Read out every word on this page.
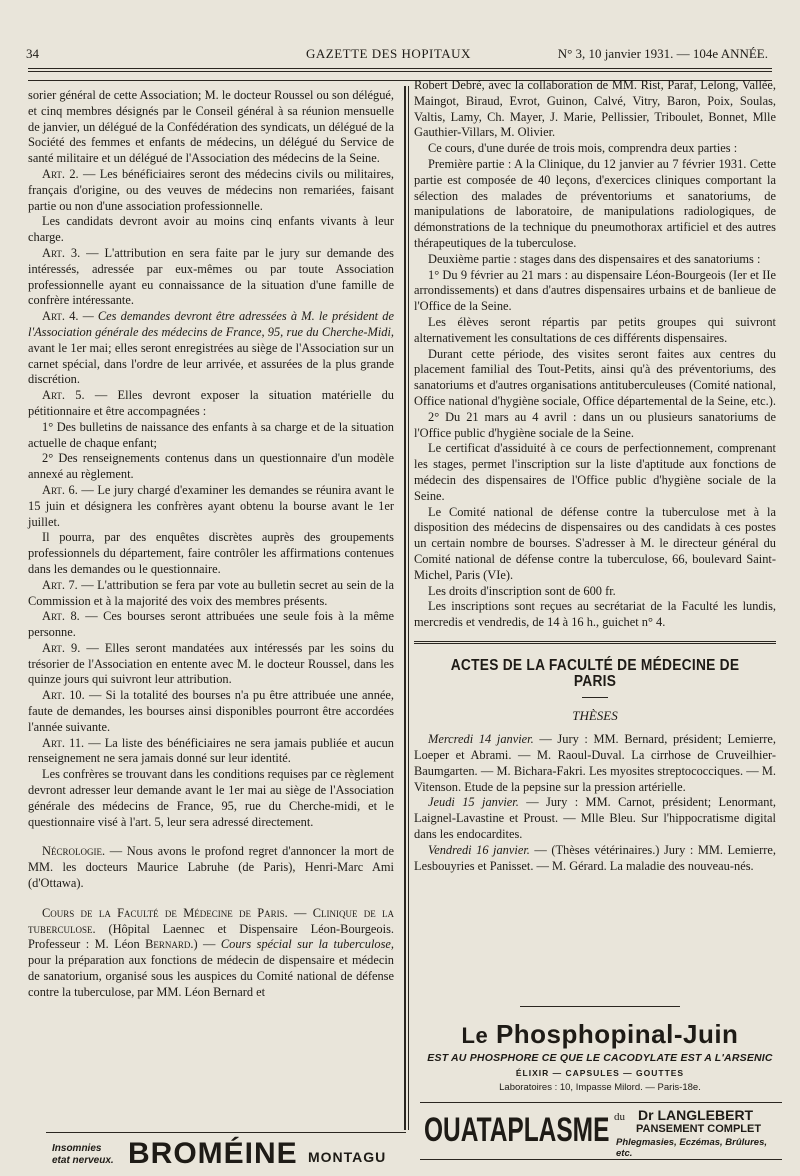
34	GAZETTE DES HOPITAUX	N° 3, 10 janvier 1931. — 104e ANNÉE.

sorier général de cette Association; M. le docteur Roussel ou son délégué, et cinq membres désignés par le Conseil général à sa réunion mensuelle de janvier, un délégué de la Confédération des syndicats, un délégué de la Société des femmes et enfants de médecins, un délégué du Service de santé militaire et un délégué de l'Association des médecins de la Seine.

Art. 2. — Les bénéficiaires seront des médecins civils ou militaires, français d'origine, ou des veuves de médecins non remariées, faisant partie ou non d'une association professionnelle.

Les candidats devront avoir au moins cinq enfants vivants à leur charge.

Art. 3. — L'attribution en sera faite par le jury sur demande des intéressés, adressée par eux-mêmes ou par toute Association professionnelle ayant eu connaissance de la situation d'une famille de confrère intéressante.

Art. 4. — Ces demandes devront être adressées à M. le président de l'Association générale des médecins de France, 95, rue du Cherche-Midi, avant le 1er mai; elles seront enregistrées au siège de l'Association sur un carnet spécial, dans l'ordre de leur arrivée, et assurées de la plus grande discrétion.

Art. 5. — Elles devront exposer la situation matérielle du pétitionnaire et être accompagnées :

1° Des bulletins de naissance des enfants à sa charge et de la situation actuelle de chaque enfant;

2° Des renseignements contenus dans un questionnaire d'un modèle annexé au règlement.

Art. 6. — Le jury chargé d'examiner les demandes se réunira avant le 15 juin et désignera les confrères ayant obtenu la bourse avant le 1er juillet.

Il pourra, par des enquêtes discrètes auprès des groupements professionnels du département, faire contrôler les affirmations contenues dans les demandes ou le questionnaire.

Art. 7. — L'attribution se fera par vote au bulletin secret au sein de la Commission et à la majorité des voix des membres présents.

Art. 8. — Ces bourses seront attribuées une seule fois à la même personne.

Art. 9. — Elles seront mandatées aux intéressés par les soins du trésorier de l'Association en entente avec M. le docteur Roussel, dans les quinze jours qui suivront leur attribution.

Art. 10. — Si la totalité des bourses n'a pu être attribuée une année, faute de demandes, les bourses ainsi disponibles pourront être accordées l'année suivante.

Art. 11. — La liste des bénéficiaires ne sera jamais publiée et aucun renseignement ne sera jamais donné sur leur identité.

Les confrères se trouvant dans les conditions requises par ce règlement devront adresser leur demande avant le 1er mai au siège de l'Association générale des médecins de France, 95, rue du Cherche-midi, et le questionnaire visé à l'art. 5, leur sera adressé directement.

Nécrologie. — Nous avons le profond regret d'annoncer la mort de MM. les docteurs Maurice Labruhe (de Paris), Henri-Marc Ami (d'Ottawa).

Cours de la Faculté de Médecine de Paris. — Clinique de la tuberculose. (Hôpital Laennec et Dispensaire Léon-Bourgeois. Professeur : M. Léon Bernard.) — Cours spécial sur la tuberculose, pour la préparation aux fonctions de médecin de dispensaire et médecin de sanatorium, organisé sous les auspices du Comité national de défense contre la tuberculose, par MM. Léon Bernard et

Robert Debré, avec la collaboration de MM. Rist, Paraf, Lelong, Vallée, Maingot, Biraud, Evrot, Guinon, Calvé, Vitry, Baron, Poix, Soulas, Valtis, Lamy, Ch. Mayer, J. Marie, Pellissier, Triboulet, Bonnet, Mlle Gauthier-Villars, M. Olivier.

Ce cours, d'une durée de trois mois, comprendra deux parties :

Première partie : A la Clinique, du 12 janvier au 7 février 1931. Cette partie est composée de 40 leçons, d'exercices cliniques comportant la sélection des malades de préventoriums et sanatoriums, de manipulations de laboratoire, de manipulations radiologiques, de démonstrations de la technique du pneumothorax artificiel et des autres thérapeutiques de la tuberculose.

Deuxième partie : stages dans des dispensaires et des sanatoriums :

1° Du 9 février au 21 mars : au dispensaire Léon-Bourgeois (Ier et IIe arrondissements) et dans d'autres dispensaires urbains et de banlieue de l'Office de la Seine.

Les élèves seront répartis par petits groupes qui suivront alternativement les consultations de ces différents dispensaires.

Durant cette période, des visites seront faites aux centres du placement familial des Tout-Petits, ainsi qu'à des préventoriums, des sanatoriums et d'autres organisations antituberculeuses (Comité national, Office national d'hygiène sociale, Office départemental de la Seine, etc.).

2° Du 21 mars au 4 avril : dans un ou plusieurs sanatoriums de l'Office public d'hygiène sociale de la Seine.

Le certificat d'assiduité à ce cours de perfectionnement, comprenant les stages, permet l'inscription sur la liste d'aptitude aux fonctions de médecin des dispensaires de l'Office public d'hygiène sociale de la Seine.

Le Comité national de défense contre la tuberculose met à la disposition des médecins de dispensaires ou des candidats à ces postes un certain nombre de bourses. S'adresser à M. le directeur général du Comité national de défense contre la tuberculose, 66, boulevard Saint-Michel, Paris (VIe).

Les droits d'inscription sont de 600 fr.

Les inscriptions sont reçues au secrétariat de la Faculté les lundis, mercredis et vendredis, de 14 à 16 h., guichet n° 4.

ACTES DE LA FACULTÉ DE MÉDECINE DE PARIS
THÈSES

Mercredi 14 janvier. — Jury : MM. Bernard, président; Lemierre, Loeper et Abrami. — M. Raoul-Duval. La cirrhose de Cruveilhier-Baumgarten. — M. Bichara-Fakri. Les myosites streptococciques. — M. Vitenson. Etude de la pepsine sur la pression artérielle.

Jeudi 15 janvier. — Jury : MM. Carnot, président; Lenormant, Laignel-Lavastine et Proust. — Mlle Bleu. Sur l'hippocratisme digital dans les endocardites.

Vendredi 16 janvier. — (Thèses vétérinaires.) Jury : MM. Lemierre, Lesbouyries et Panisset. — M. Gérard. La maladie des nouveau-nés.

Le Phosphopinal-Juin
EST AU PHOSPHORE CE QUE LE CACODYLATE EST A L'ARSENIC
ÉLIXIR — CAPSULES — GOUTTES
Laboratoires : 10, Impasse Milord. — Paris-18e.
OUATAPLASME du Dr LANGLEBERT
PANSEMENT COMPLET
Phlegmasies, Eczémas, Brûlures, etc.
Insomnies
etat nerveux. BROMÉINE MONTAGU
